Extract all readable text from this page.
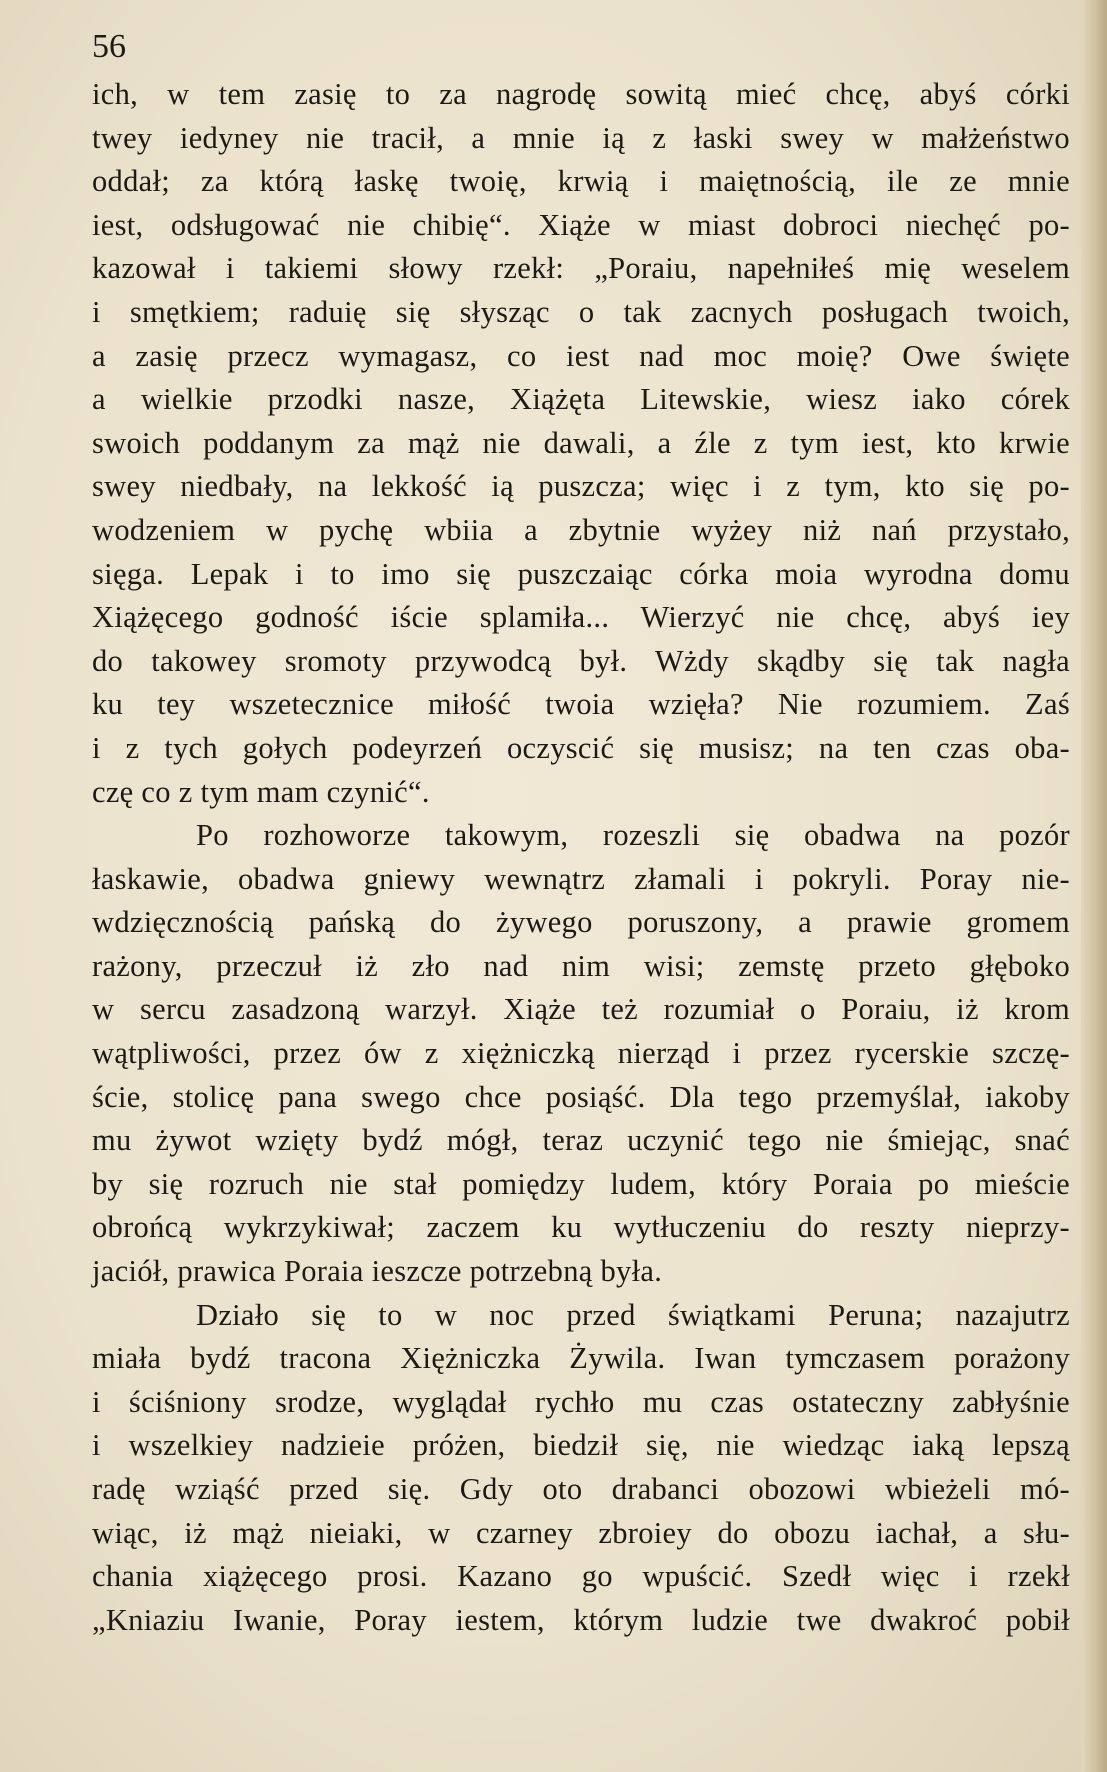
56
ich, w tem zasię to za nagrodę sowitą mieć chcę, abyś córki
twey iedyney nie tracił, a mnie ią z łaski swey w małżeństwo
oddał; za którą łaskę twoię, krwią i maiętnością, ile ze mnie
iest, odsługować nie chibię“. Xiąże w miast dobroci niechęć po-
kazował i takiemi słowy rzekł: „Poraiu, napełniłeś mię weselem
i smętkiem; raduię się słysząc o tak zacnych posługach twoich,
a zasię przecz wymagasz, co iest nad moc moię? Owe święte
a wielkie przodki nasze, Xiążęta Litewskie, wiesz iako córek
swoich poddanym za mąż nie dawali, a źle z tym iest, kto krwie
swey niedbały, na lekkość ią puszcza; więc i z tym, kto się po-
wodzeniem w pychę wbiia a zbytnie wyżey niż nań przystało,
sięga. Lepak i to imo się puszczaiąc córka moia wyrodna domu
Xiążęcego godność iście splamiła... Wierzyć nie chcę, abyś iey
do takowey sromoty przywodcą był. Wżdy skądby się tak nagła
ku tey wszetecznice miłość twoia wzięła? Nie rozumiem. Zaś
i z tych gołych podeyrzeń oczyscić się musisz; na ten czas oba-
czę co z tym mam czynić“.
Po rozhoworze takowym, rozeszli się obadwa na pozór
łaskawie, obadwa gniewy wewnątrz złamali i pokryli. Poray nie-
wdzięcznością pańską do żywego poruszony, a prawie gromem
rażony, przeczuł iż zło nad nim wisi; zemstę przeto głęboko
w sercu zasadzoną warzył. Xiąże też rozumiał o Poraiu, iż krom
wątpliwości, przez ów z xiężniczką nierząd i przez rycerskie szczę-
ście, stolicę pana swego chce posiąść. Dla tego przemyślał, iakoby
mu żywot wzięty bydź mógł, teraz uczynić tego nie śmiejąc, snać
by się rozruch nie stał pomiędzy ludem, który Poraia po mieście
obrońcą wykrzykiwał; zaczem ku wytłuczeniu do reszty nieprzy-
jaciół, prawica Poraia ieszcze potrzebną była.
Działo się to w noc przed świątkami Peruna; nazajutrz
miała bydź tracona Xiężniczka Żywila. Iwan tymczasem porażony
i ściśniony srodze, wyglądał rychło mu czas ostateczny zabłyśnie
i wszelkiey nadzieie próżen, biedził się, nie wiedząc iaką lepszą
radę wziąść przed się. Gdy oto drabanci obozowi wbieżeli mó-
wiąc, iż mąż nieiaki, w czarney zbroiey do obozu iachał, a słu-
chania xiążęcego prosi. Kazano go wpuścić. Szedł więc i rzekł
„Kniaziu Iwanie, Poray iestem, którym ludzie twe dwakroć pobił
